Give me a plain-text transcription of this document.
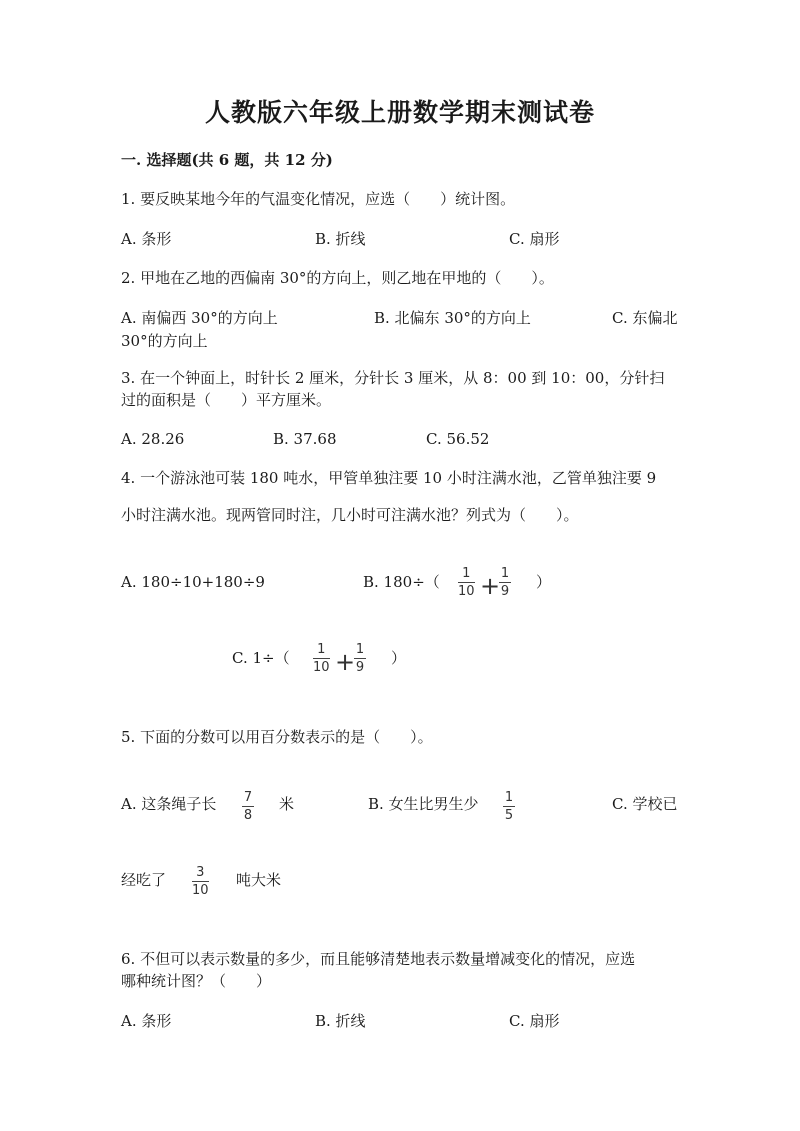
人教版六年级上册数学期末测试卷
一. 选择题(共 6 题，共 12 分)
1. 要反映某地今年的气温变化情况，应选（　　）统计图。
A. 条形	B. 折线	C. 扇形
2. 甲地在乙地的西偏南 30°的方向上，则乙地在甲地的（　　）。
A. 南偏西 30°的方向上	B. 北偏东 30°的方向上	C. 东偏北
30°的方向上
3. 在一个钟面上，时针长 2 厘米，分针长 3 厘米，从 8：00 到 10：00，分针扫
过的面积是（　　）平方厘米。
A. 28.26	B. 37.68	C. 56.52
4. 一个游泳池可装 180 吨水，甲管单独注要 10 小时注满水池，乙管单独注要 9
小时注满水池。现两管同时注，几小时可注满水池？列式为（　　）。
A. 180÷10+180÷9	B. 180÷（ 1
10 + 1
9
）
C. 1÷（ 1
10 + 1
9
）
5. 下面的分数可以用百分数表示的是（　　）。
A. 这条绳子长 7
8
米	B. 女生比男生少 1
5
C. 学校已
经吃了 3
10
吨大米
6. 不但可以表示数量的多少，而且能够清楚地表示数量增减变化的情况，应选
哪种统计图？（　　）
A. 条形	B. 折线	C. 扇形
